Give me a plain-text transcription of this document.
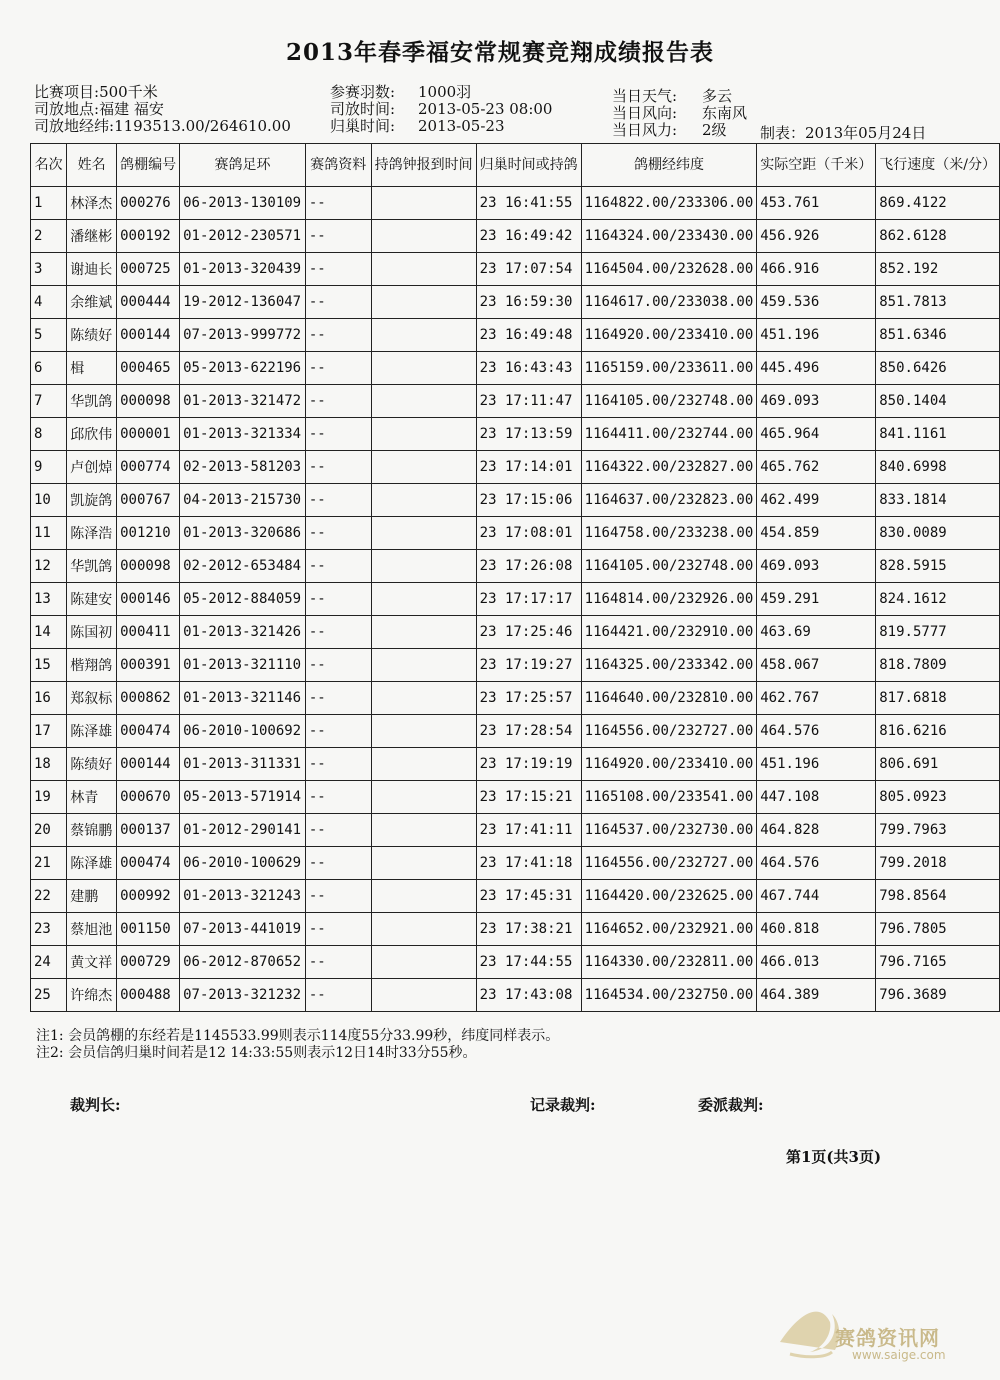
2013年春季福安常规赛竞翔成绩报告表
比赛项目:500千米
司放地点:福建 福安
司放地经纬:1193513.00/264610.00
参赛羽数: 1000羽
司放时间: 2013-05-23 08:00
归巢时间: 2013-05-23
当日天气: 多云
当日风向: 东南风
当日风力: 2级	制表：2013年05月24日
名次	姓名	鸽棚编号	赛鸽足环	赛鸽资料	持鸽钟报到时间	归巢时间或持鸽	鸽棚经纬度	实际空距（千米）	飞行速度（米/分）
1	林泽杰	000276	06-2013-130109	--		23 16:41:55	1164822.00/233306.00	453.761	869.4122
2	潘继彬	000192	01-2012-230571	--		23 16:49:42	1164324.00/233430.00	456.926	862.6128
3	谢迪长	000725	01-2013-320439	--		23 17:07:54	1164504.00/232628.00	466.916	852.192
4	余维斌	000444	19-2012-136047	--		23 16:59:30	1164617.00/233038.00	459.536	851.7813
5	陈绩好	000144	07-2013-999772	--		23 16:49:48	1164920.00/233410.00	451.196	851.6346
6	楫	000465	05-2013-622196	--		23 16:43:43	1165159.00/233611.00	445.496	850.6426
7	华凯鸽	000098	01-2013-321472	--		23 17:11:47	1164105.00/232748.00	469.093	850.1404
8	邱欣伟	000001	01-2013-321334	--		23 17:13:59	1164411.00/232744.00	465.964	841.1161
9	卢创焯	000774	02-2013-581203	--		23 17:14:01	1164322.00/232827.00	465.762	840.6998
10	凯旋鸽	000767	04-2013-215730	--		23 17:15:06	1164637.00/232823.00	462.499	833.1814
11	陈泽浩	001210	01-2013-320686	--		23 17:08:01	1164758.00/233238.00	454.859	830.0089
12	华凯鸽	000098	02-2012-653484	--		23 17:26:08	1164105.00/232748.00	469.093	828.5915
13	陈建安	000146	05-2012-884059	--		23 17:17:17	1164814.00/232926.00	459.291	824.1612
14	陈国初	000411	01-2013-321426	--		23 17:25:46	1164421.00/232910.00	463.69	819.5777
15	楷翔鸽	000391	01-2013-321110	--		23 17:19:27	1164325.00/233342.00	458.067	818.7809
16	郑叙标	000862	01-2013-321146	--		23 17:25:57	1164640.00/232810.00	462.767	817.6818
17	陈泽雄	000474	06-2010-100692	--		23 17:28:54	1164556.00/232727.00	464.576	816.6216
18	陈绩好	000144	01-2013-311331	--		23 17:19:19	1164920.00/233410.00	451.196	806.691
19	林青	000670	05-2013-571914	--		23 17:15:21	1165108.00/233541.00	447.108	805.0923
20	蔡锦鹏	000137	01-2012-290141	--		23 17:41:11	1164537.00/232730.00	464.828	799.7963
21	陈泽雄	000474	06-2010-100629	--		23 17:41:18	1164556.00/232727.00	464.576	799.2018
22	建鹏	000992	01-2013-321243	--		23 17:45:31	1164420.00/232625.00	467.744	798.8564
23	蔡旭池	001150	07-2013-441019	--		23 17:38:21	1164652.00/232921.00	460.818	796.7805
24	黄文祥	000729	06-2012-870652	--		23 17:44:55	1164330.00/232811.00	466.013	796.7165
25	许绵杰	000488	07-2013-321232	--		23 17:43:08	1164534.00/232750.00	464.389	796.3689
注1: 会员鸽棚的东经若是1145533.99则表示114度55分33.99秒，纬度同样表示。
注2: 会员信鸽归巢时间若是12 14:33:55则表示12日14时33分55秒。
裁判长:	记录裁判:	委派裁判:
第1页(共3页)
赛鸽资讯网
www.saige.com
